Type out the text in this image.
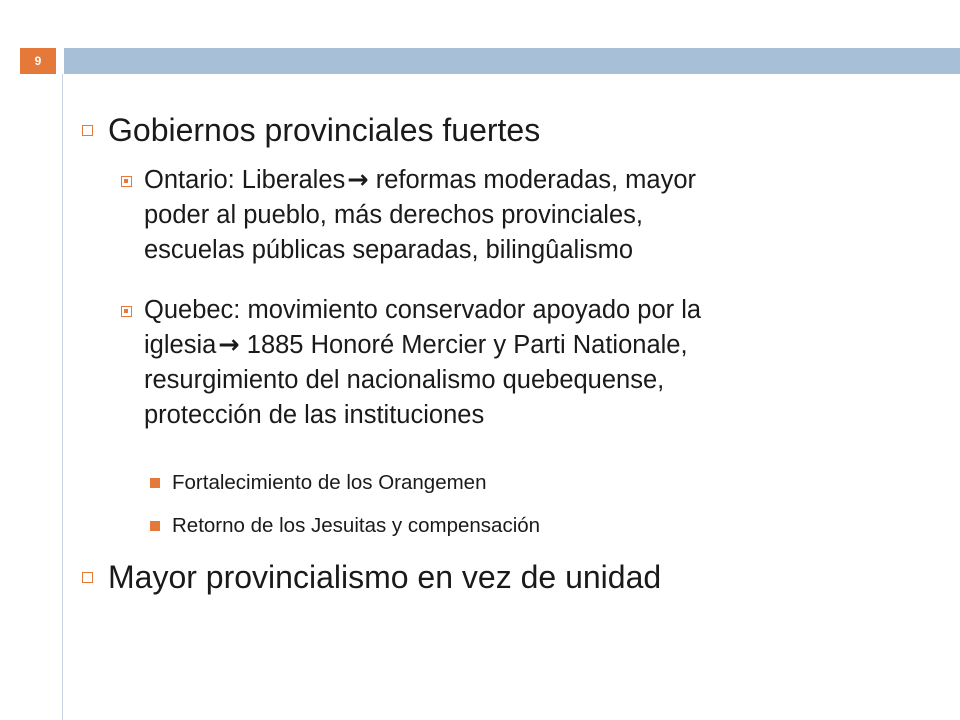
9
Gobiernos provinciales fuertes
Ontario: Liberales→ reformas moderadas, mayor
poder al pueblo, más derechos provinciales,
escuelas públicas separadas, bilingûalismo
Quebec: movimiento conservador apoyado por la
iglesia→ 1885 Honoré Mercier y Parti Nationale,
resurgimiento del nacionalismo quebequense,
protección de las instituciones
Fortalecimiento de los Orangemen
Retorno de los Jesuitas y compensación
Mayor provincialismo en vez de unidad
